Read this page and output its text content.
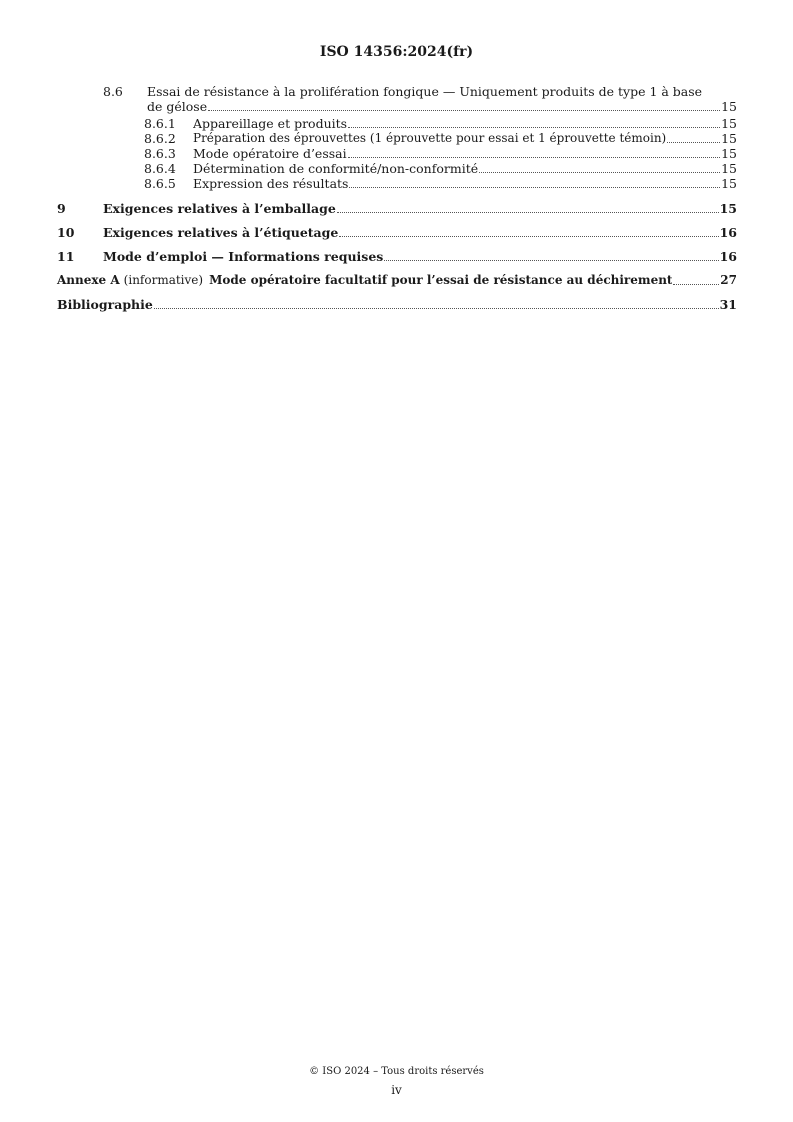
ISO 14356:2024(fr)
8.6 Essai de résistance à la prolifération fongique — Uniquement produits de type 1 à base
de gélose	15
8.6.1	Appareillage et produits	15
8.6.2	Préparation des éprouvettes (1 éprouvette pour essai et 1 éprouvette témoin)	15
8.6.3	Mode opératoire d’essai	15
8.6.4	Détermination de conformité/non-conformité	15
8.6.5	Expression des résultats	15
9	Exigences relatives à l’emballage	15
10	Exigences relatives à l’étiquetage	16
11	Mode d’emploi — Informations requises	16
Annexe A (informative) Mode opératoire facultatif pour l’essai de résistance au déchirement	27
Bibliographie	31
© ISO 2024 – Tous droits réservés
iv
